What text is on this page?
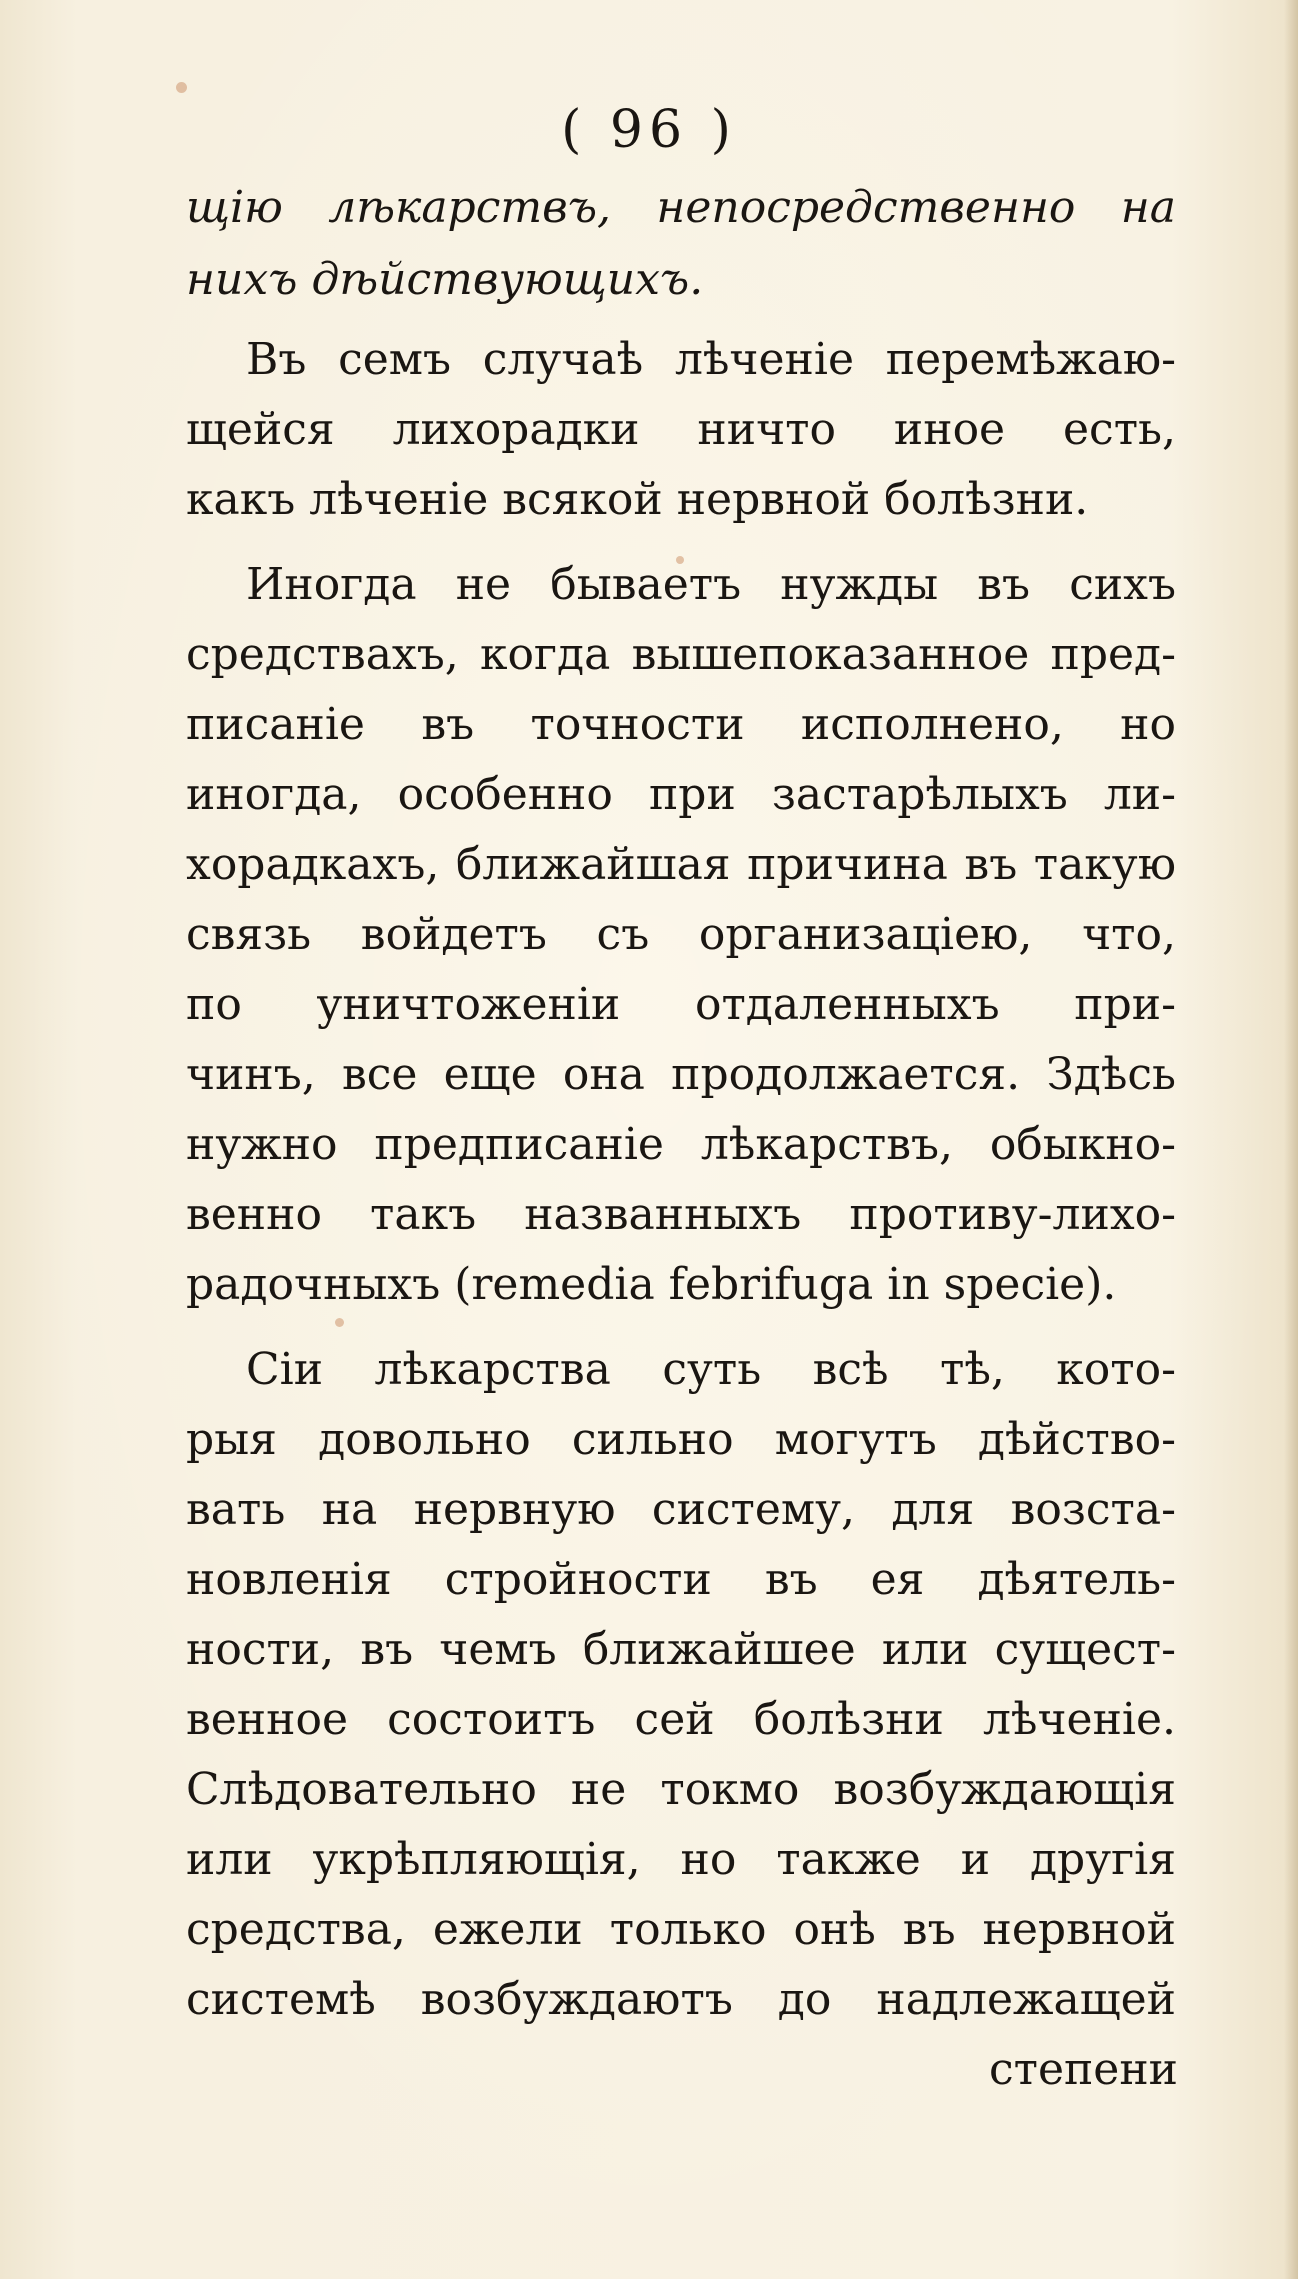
( 96 )
щію лѣкарствъ, непосредственно на
нихъ дѣйствующихъ.
Въ семъ случаѣ лѣченіе перемѣжаю-
щейся лихорадки ничто иное есть,
какъ лѣченіе всякой нервной болѣзни.
Иногда не бываетъ нужды въ сихъ
средствахъ, когда вышепоказанное пред-
писаніе въ точности исполнено, но
иногда, особенно при застарѣлыхъ ли-
хорадкахъ, ближайшая причина въ такую
связь войдетъ съ организаціею, что,
по уничтоженіи отдаленныхъ при-
чинъ, все еще она продолжается. Здѣсь
нужно предписаніе лѣкарствъ, обыкно-
венно такъ названныхъ противу-лихо-
радочныхъ (remedia febrifuga in specie).
Сіи лѣкарства суть всѣ тѣ, кото-
рыя довольно сильно могутъ дѣйство-
вать на нервную систему, для возста-
новленія стройности въ ея дѣятель-
ности, въ чемъ ближайшее или сущест-
венное состоитъ сей болѣзни лѣченіе.
Слѣдовательно не токмо возбуждающія
или укрѣпляющія, но также и другія
средства, ежели только онѣ въ нервной
системѣ возбуждаютъ до надлежащей
степени
